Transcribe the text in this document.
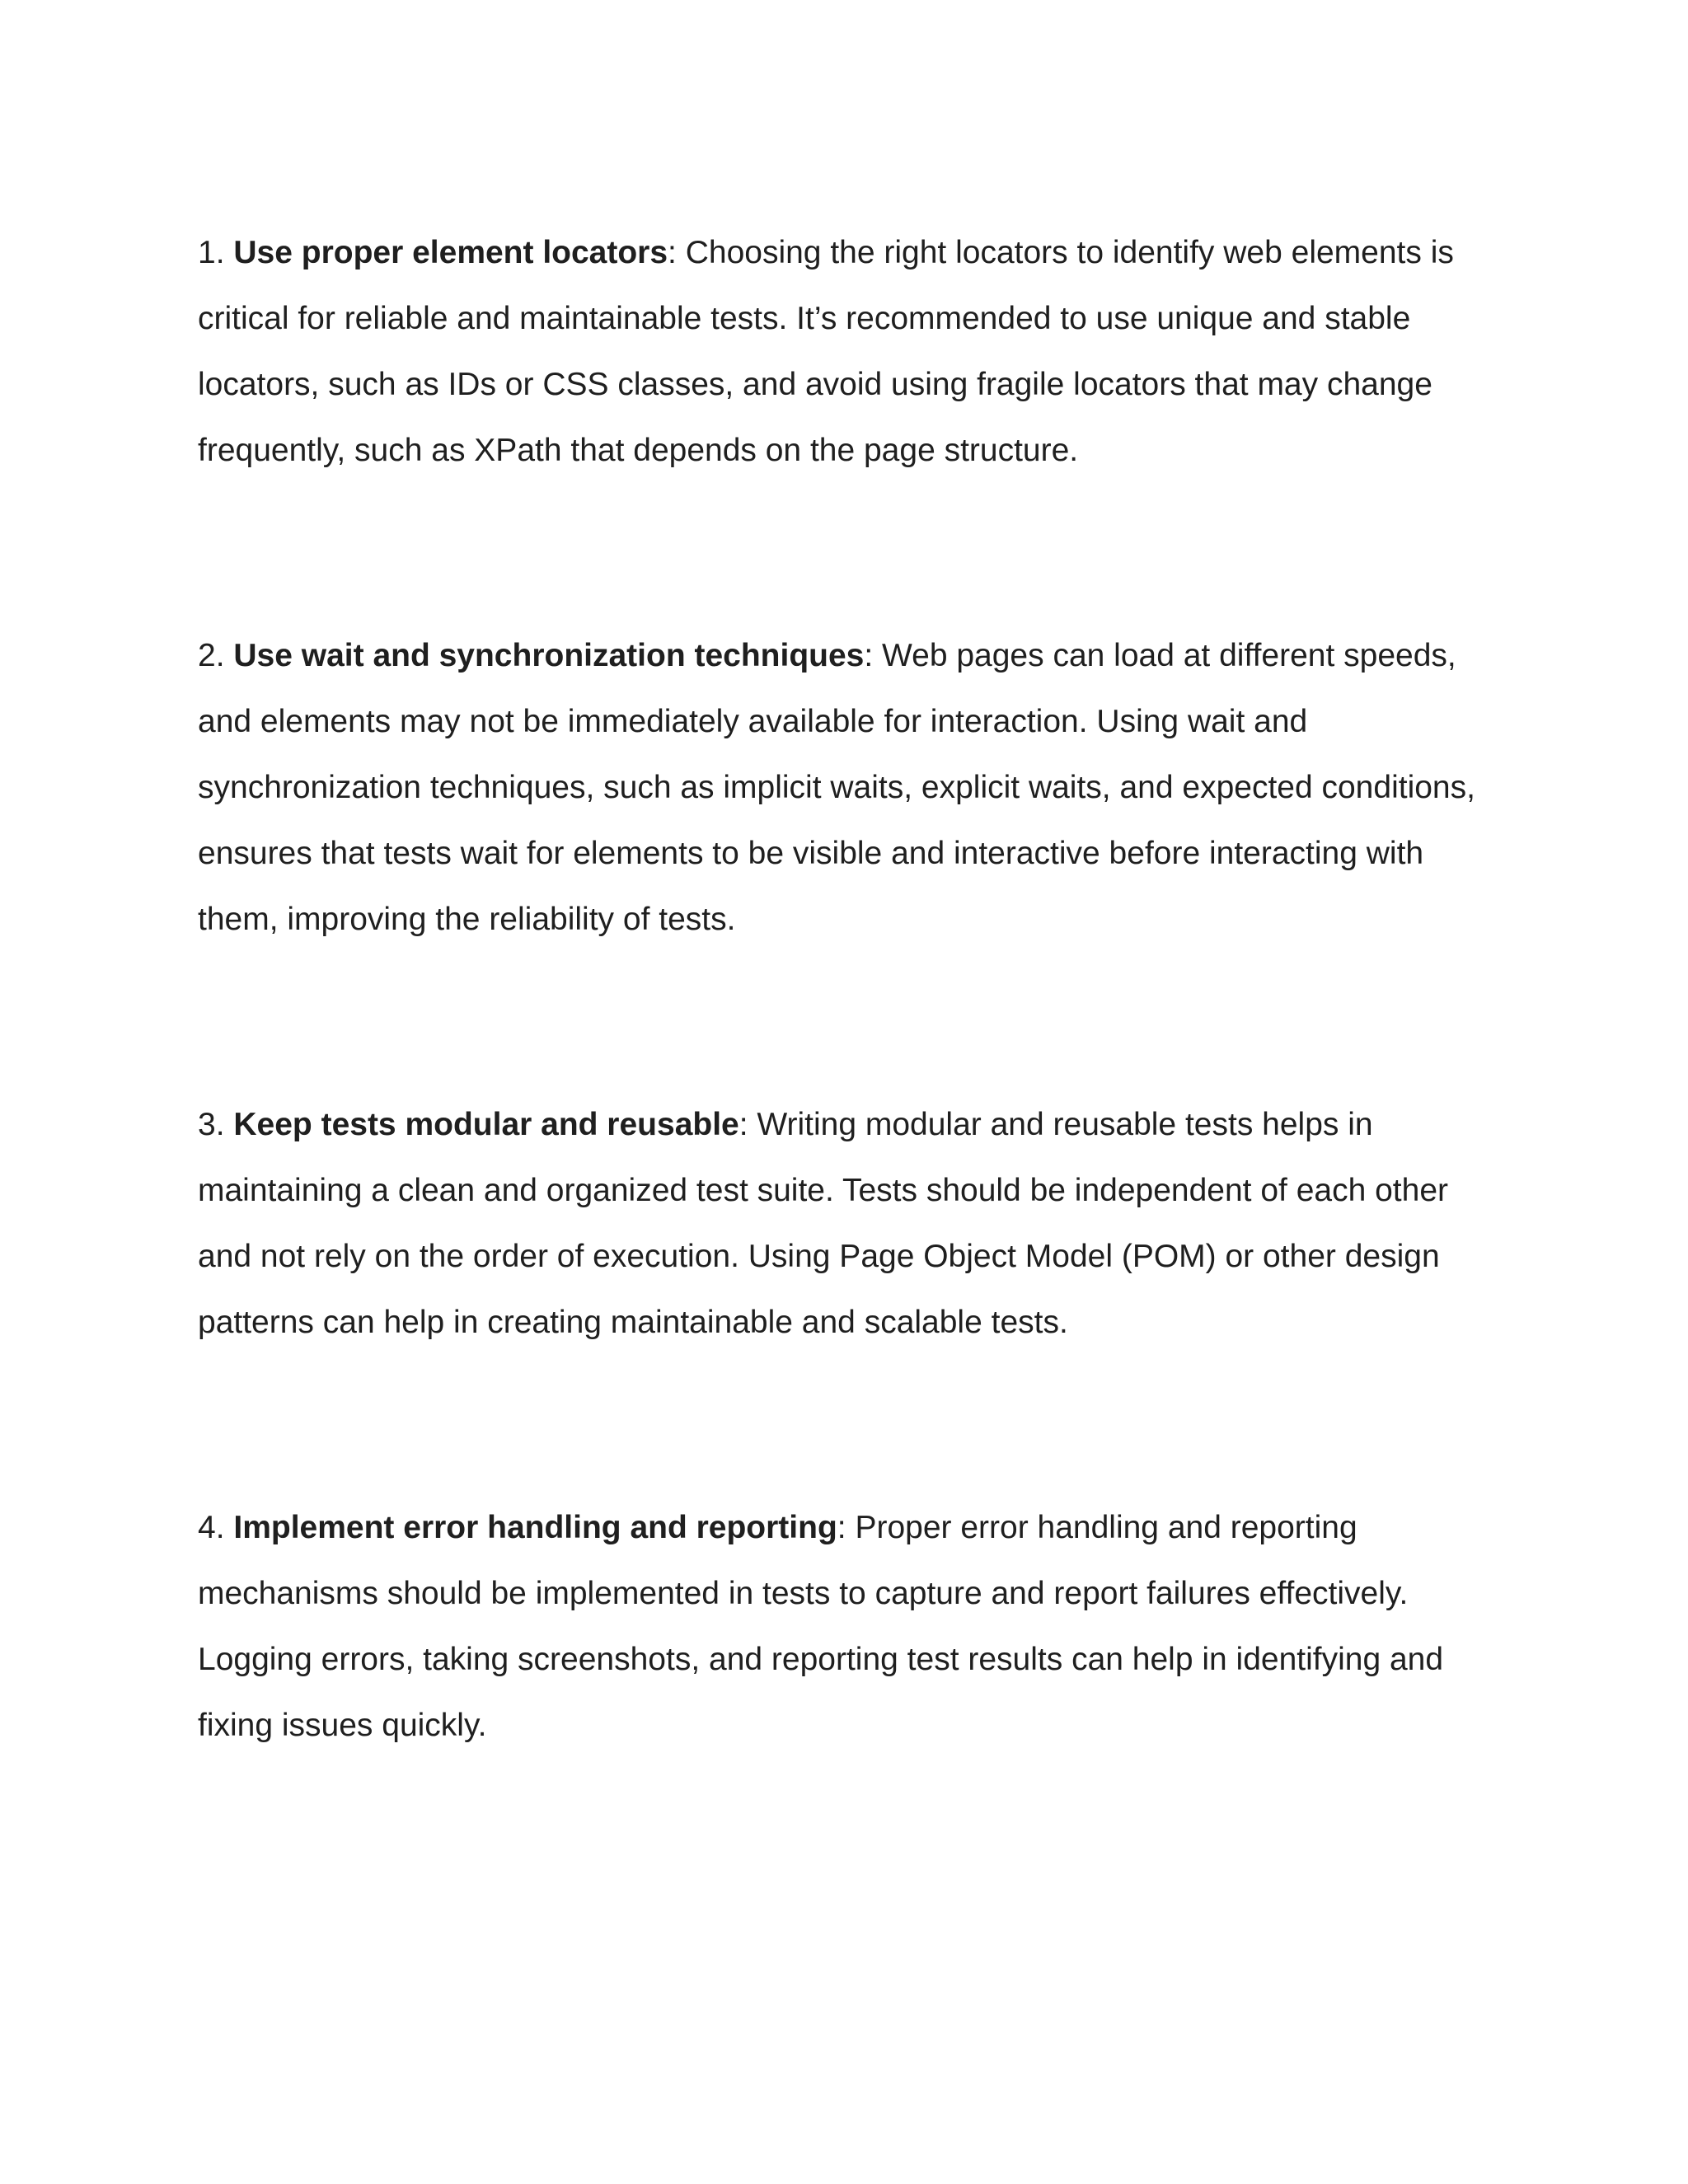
1. Use proper element locators: Choosing the right locators to identify web elements is critical for reliable and maintainable tests. It’s recommended to use unique and stable locators, such as IDs or CSS classes, and avoid using fragile locators that may change frequently, such as XPath that depends on the page structure.

2. Use wait and synchronization techniques: Web pages can load at different speeds, and elements may not be immediately available for interaction. Using wait and synchronization techniques, such as implicit waits, explicit waits, and expected conditions, ensures that tests wait for elements to be visible and interactive before interacting with them, improving the reliability of tests.

3. Keep tests modular and reusable: Writing modular and reusable tests helps in maintaining a clean and organized test suite. Tests should be independent of each other and not rely on the order of execution. Using Page Object Model (POM) or other design patterns can help in creating maintainable and scalable tests.

4. Implement error handling and reporting: Proper error handling and reporting mechanisms should be implemented in tests to capture and report failures effectively. Logging errors, taking screenshots, and reporting test results can help in identifying and fixing issues quickly.
